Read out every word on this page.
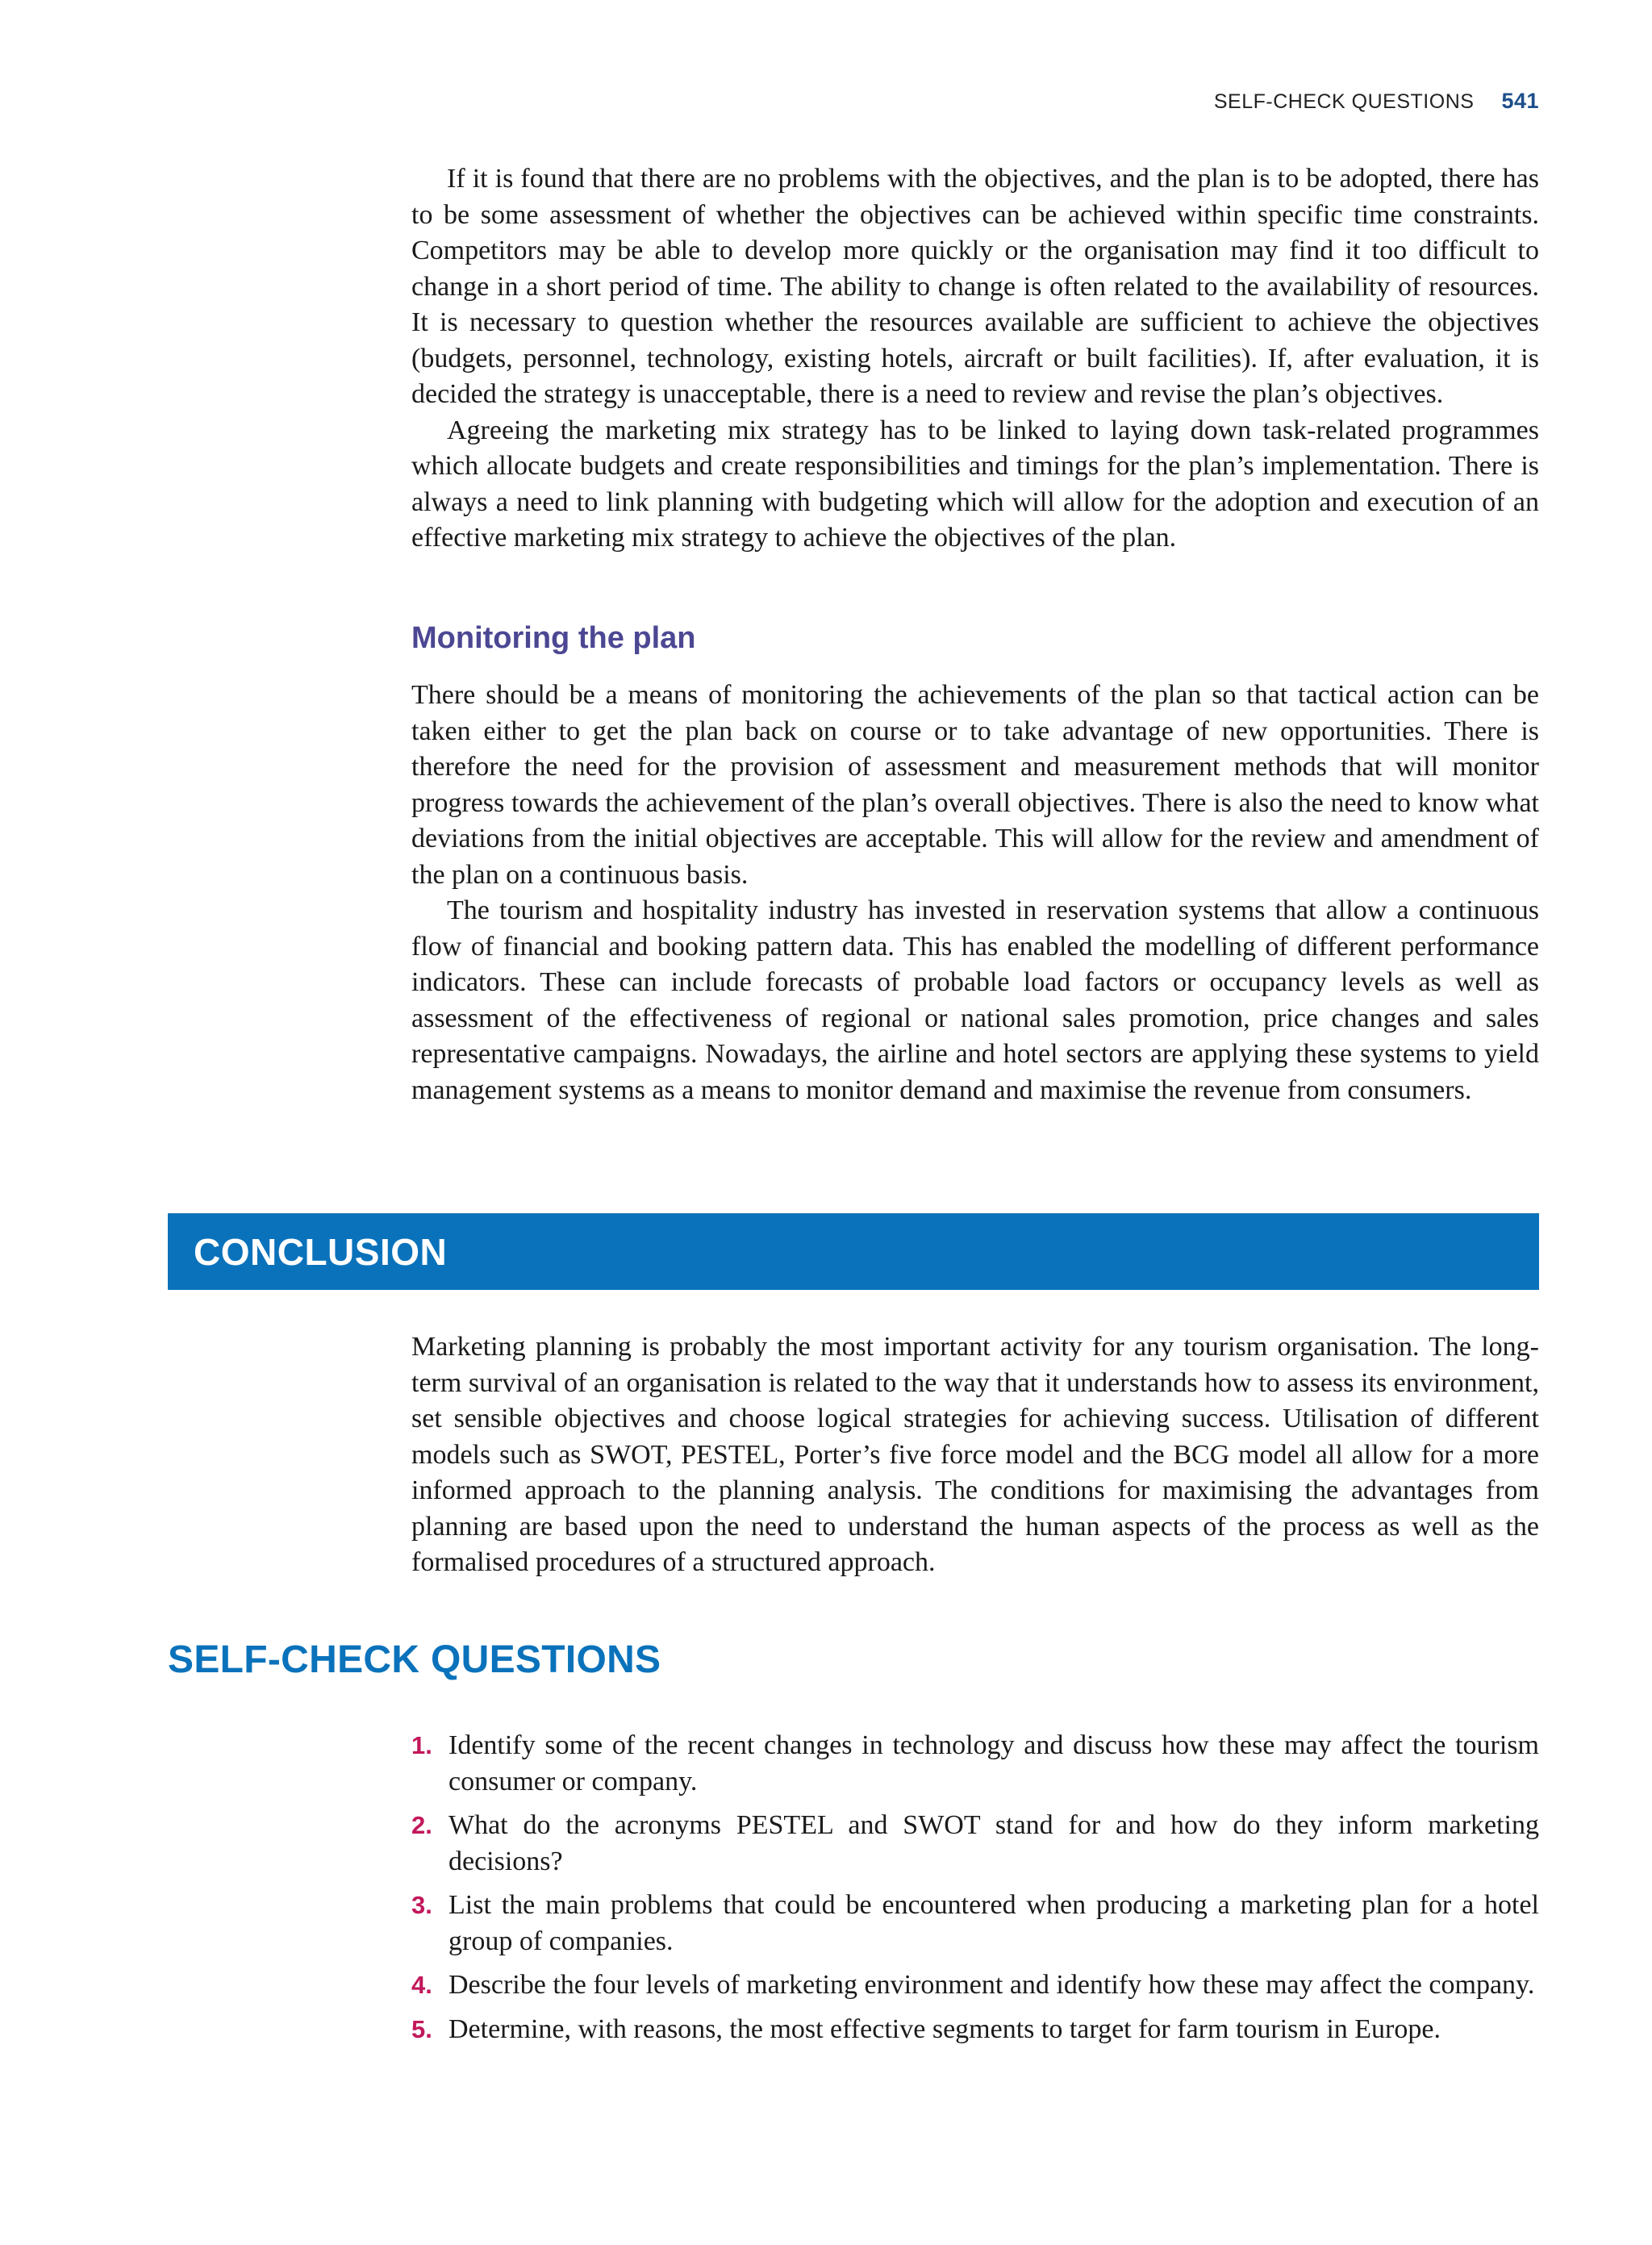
SELF-CHECK QUESTIONS 541

If it is found that there are no problems with the objectives, and the plan is to be adopted, there has to be some assessment of whether the objectives can be achieved within specific time constraints. Competitors may be able to develop more quickly or the organisation may find it too difficult to change in a short period of time. The ability to change is often related to the availability of resources. It is necessary to question whether the resources available are sufficient to achieve the objectives (budgets, personnel, technology, existing hotels, aircraft or built facilities). If, after evaluation, it is decided the strategy is unacceptable, there is a need to review and revise the plan’s objectives.

Agreeing the marketing mix strategy has to be linked to laying down task-related programmes which allocate budgets and create responsibilities and timings for the plan’s implementation. There is always a need to link planning with budgeting which will allow for the adoption and execution of an effective marketing mix strategy to achieve the objectives of the plan.

Monitoring the plan

There should be a means of monitoring the achievements of the plan so that tactical action can be taken either to get the plan back on course or to take advantage of new opportunities. There is therefore the need for the provision of assessment and measurement methods that will monitor progress towards the achievement of the plan’s overall objectives. There is also the need to know what deviations from the initial objectives are acceptable. This will allow for the review and amendment of the plan on a continuous basis.

The tourism and hospitality industry has invested in reservation systems that allow a continuous flow of financial and booking pattern data. This has enabled the modelling of different performance indicators. These can include forecasts of probable load factors or occupancy levels as well as assessment of the effectiveness of regional or national sales promotion, price changes and sales representative campaigns. Nowadays, the airline and hotel sectors are applying these systems to yield management systems as a means to monitor demand and maximise the revenue from consumers.

CONCLUSION

Marketing planning is probably the most important activity for any tourism organisation. The long-term survival of an organisation is related to the way that it understands how to assess its environment, set sensible objectives and choose logical strategies for achieving success. Utilisation of different models such as SWOT, PESTEL, Porter’s five force model and the BCG model all allow for a more informed approach to the planning analysis. The conditions for maximising the advantages from planning are based upon the need to understand the human aspects of the process as well as the formalised procedures of a structured approach.

SELF-CHECK QUESTIONS
1. Identify some of the recent changes in technology and discuss how these may affect the tourism consumer or company.
2. What do the acronyms PESTEL and SWOT stand for and how do they inform marketing decisions?
3. List the main problems that could be encountered when producing a marketing plan for a hotel group of companies.
4. Describe the four levels of marketing environment and identify how these may affect the company.
5. Determine, with reasons, the most effective segments to target for farm tourism in Europe.
